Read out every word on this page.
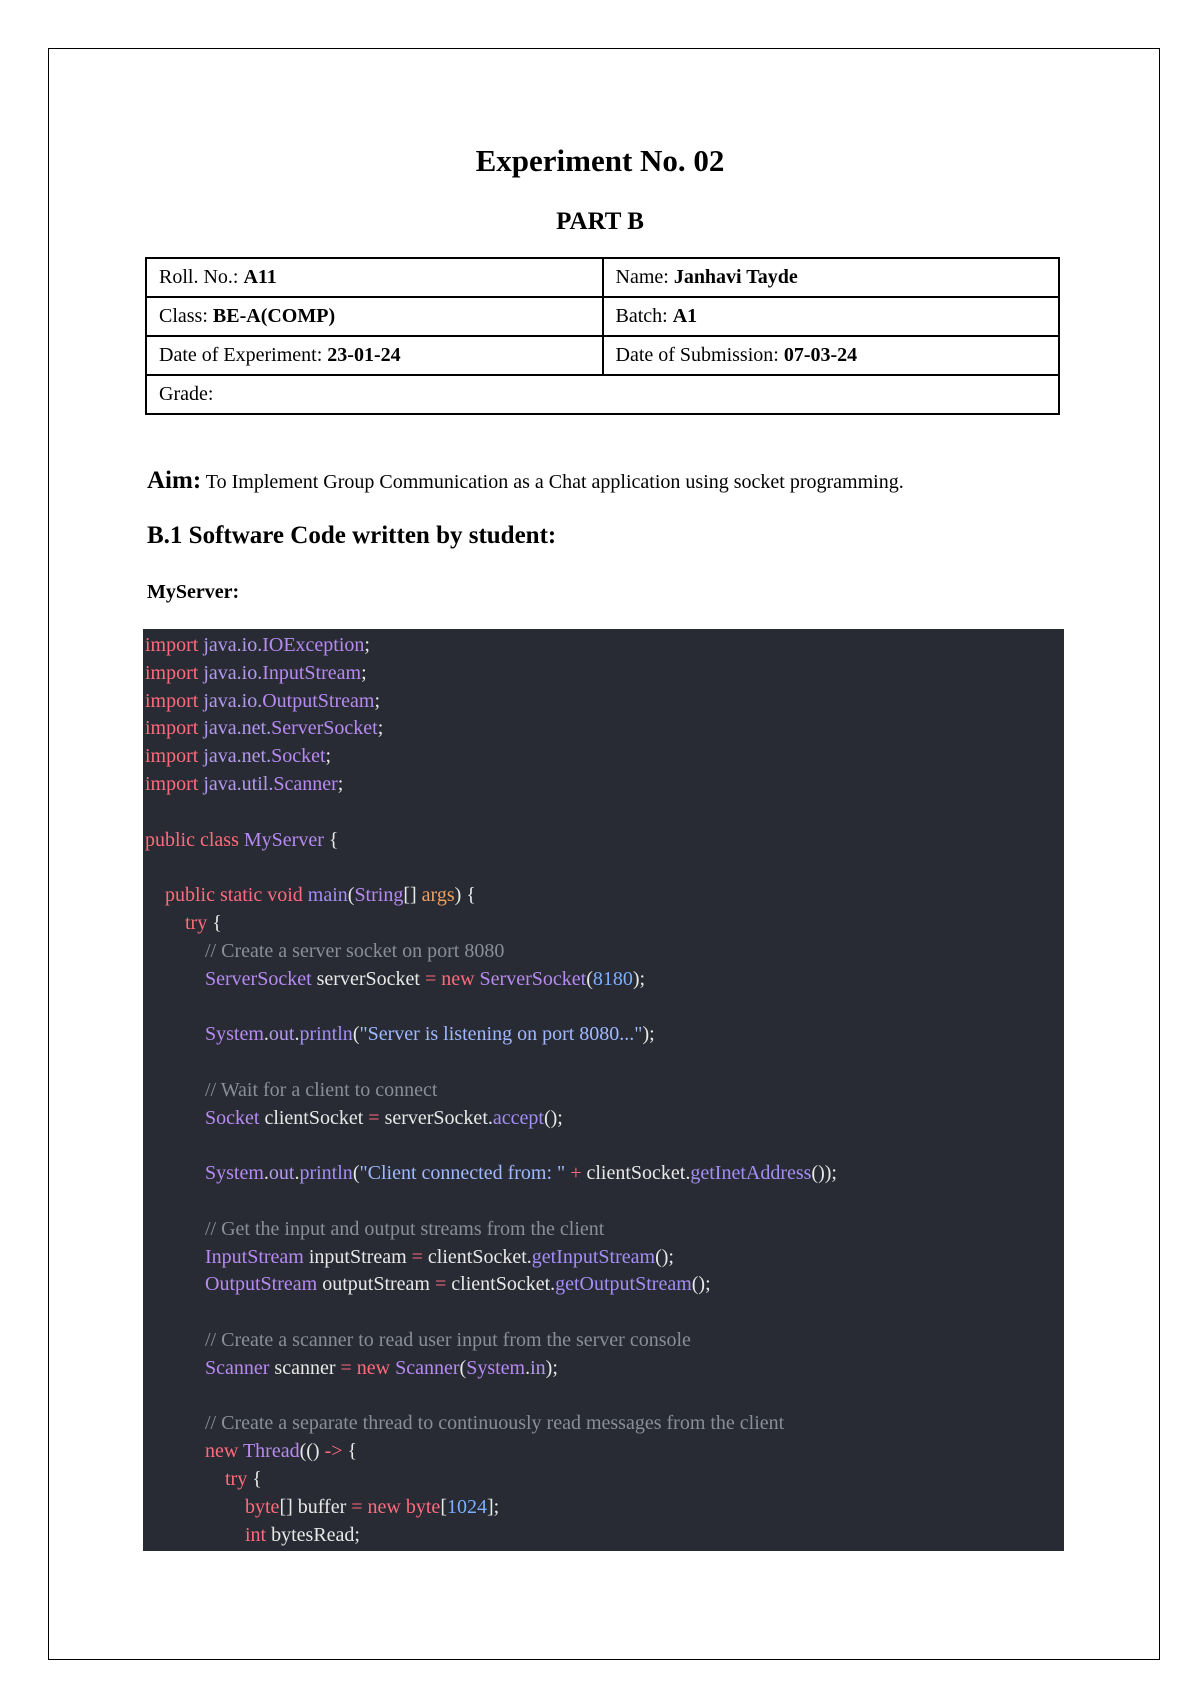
Experiment No. 02
PART B
Roll. No.: A11	Name: Janhavi Tayde
Class: BE-A(COMP)	Batch: A1
Date of Experiment: 23-01-24	Date of Submission: 07-03-24
Grade:	
Aim: To Implement Group Communication as a Chat application using socket programming.
B.1 Software Code written by student:
MyServer:
import java.io.IOException;
import java.io.InputStream;
import java.io.OutputStream;
import java.net.ServerSocket;
import java.net.Socket;
import java.util.Scanner;

public class MyServer {

public static void main(String[] args) {
try {
// Create a server socket on port 8080
ServerSocket serverSocket = new ServerSocket(8180);

System.out.println("Server is listening on port 8080...");

// Wait for a client to connect
Socket clientSocket = serverSocket.accept();

System.out.println("Client connected from: " + clientSocket.getInetAddress());

// Get the input and output streams from the client
InputStream inputStream = clientSocket.getInputStream();
OutputStream outputStream = clientSocket.getOutputStream();

// Create a scanner to read user input from the server console
Scanner scanner = new Scanner(System.in);

// Create a separate thread to continuously read messages from the client
new Thread(() -> {
try {
byte[] buffer = new byte[1024];
int bytesRead;
